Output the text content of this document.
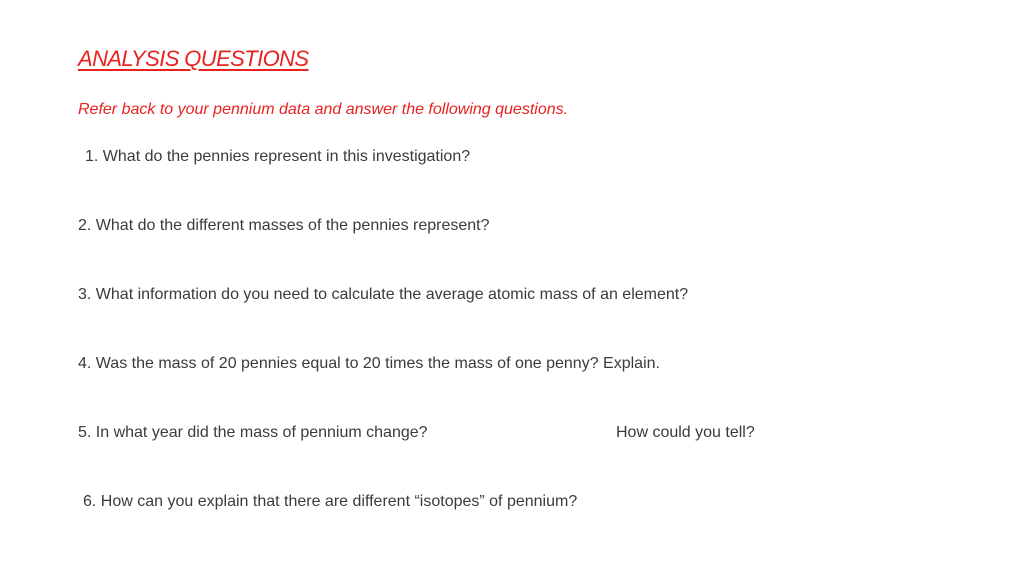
ANALYSIS QUESTIONS
Refer back to your pennium data and answer the following questions.
1. What do the pennies represent in this investigation?
2. What do the different masses of the pennies represent?
3. What information do you need to calculate the average atomic mass of an element?
4. Was the mass of 20 pennies equal to 20 times the mass of one penny? Explain.
5. In what year did the mass of pennium change?	How could you tell?
6. How can you explain that there are different “isotopes” of pennium?
